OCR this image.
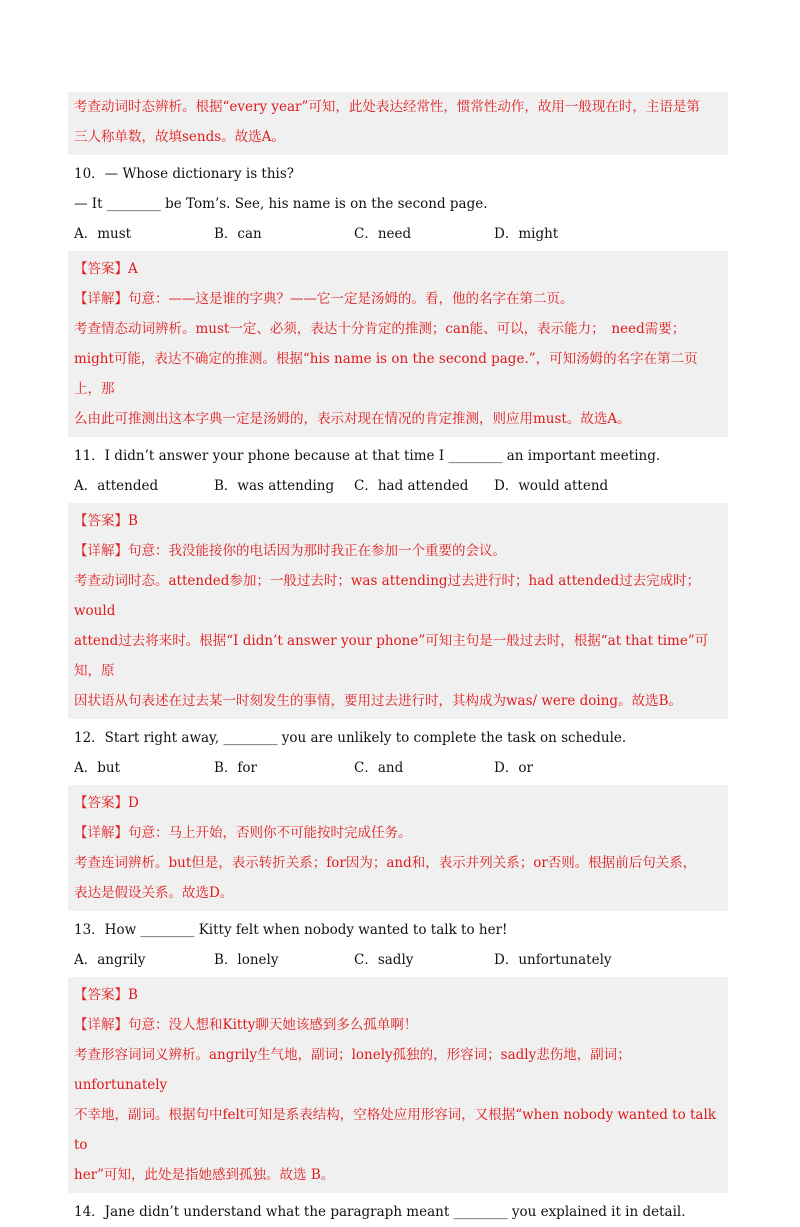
考查动词时态辨析。根据“every year”可知，此处表达经常性，惯常性动作，故用一般现在时，主语是第

三人称单数，故填sends。故选A。

10．— Whose dictionary is this?

— It ________ be Tom’s. See, his name is on the second page.

A．must	B．can	C．need	D．might

【答案】A

【详解】句意：——这是谁的字典？——它一定是汤姆的。看，他的名字在第二页。

考查情态动词辨析。must一定、必须，表达十分肯定的推测；can能、可以，表示能力；　need需要；

might可能，表达不确定的推测。根据“his name is on the second page.”，可知汤姆的名字在第二页上，那

么由此可推测出这本字典一定是汤姆的，表示对现在情况的肯定推测，则应用must。故选A。

11．I didn’t answer your phone because at that time I ________ an important meeting.

A．attended	B．was attending	C．had attended	D．would attend

【答案】B

【详解】句意：我没能接你的电话因为那时我正在参加一个重要的会议。

考查动词时态。attended参加；一般过去时；was attending过去进行时；had attended过去完成时；would

attend过去将来时。根据“I didn’t answer your phone”可知主句是一般过去时，根据“at that time”可知，原

因状语从句表述在过去某一时刻发生的事情，要用过去进行时，其构成为was/ were doing。故选B。

12．Start right away, ________ you are unlikely to complete the task on schedule.

A．but	B．for	C．and	D．or

【答案】D

【详解】句意：马上开始，否则你不可能按时完成任务。

考查连词辨析。but但是，表示转折关系；for因为；and和，表示并列关系；or否则。根据前后句关系，

表达是假设关系。故选D。

13．How ________ Kitty felt when nobody wanted to talk to her!

A．angrily	B．lonely	C．sadly	D．unfortunately

【答案】B

【详解】句意：没人想和Kitty聊天她该感到多么孤单啊！

考查形容词词义辨析。angrily生气地，副词；lonely孤独的，形容词；sadly悲伤地，副词；unfortunately

不幸地，副词。根据句中felt可知是系表结构，空格处应用形容词，又根据“when nobody wanted to talk to

her”可知，此处是指她感到孤独。故选 B。

14．Jane didn’t understand what the paragraph meant ________ you explained it in detail.
